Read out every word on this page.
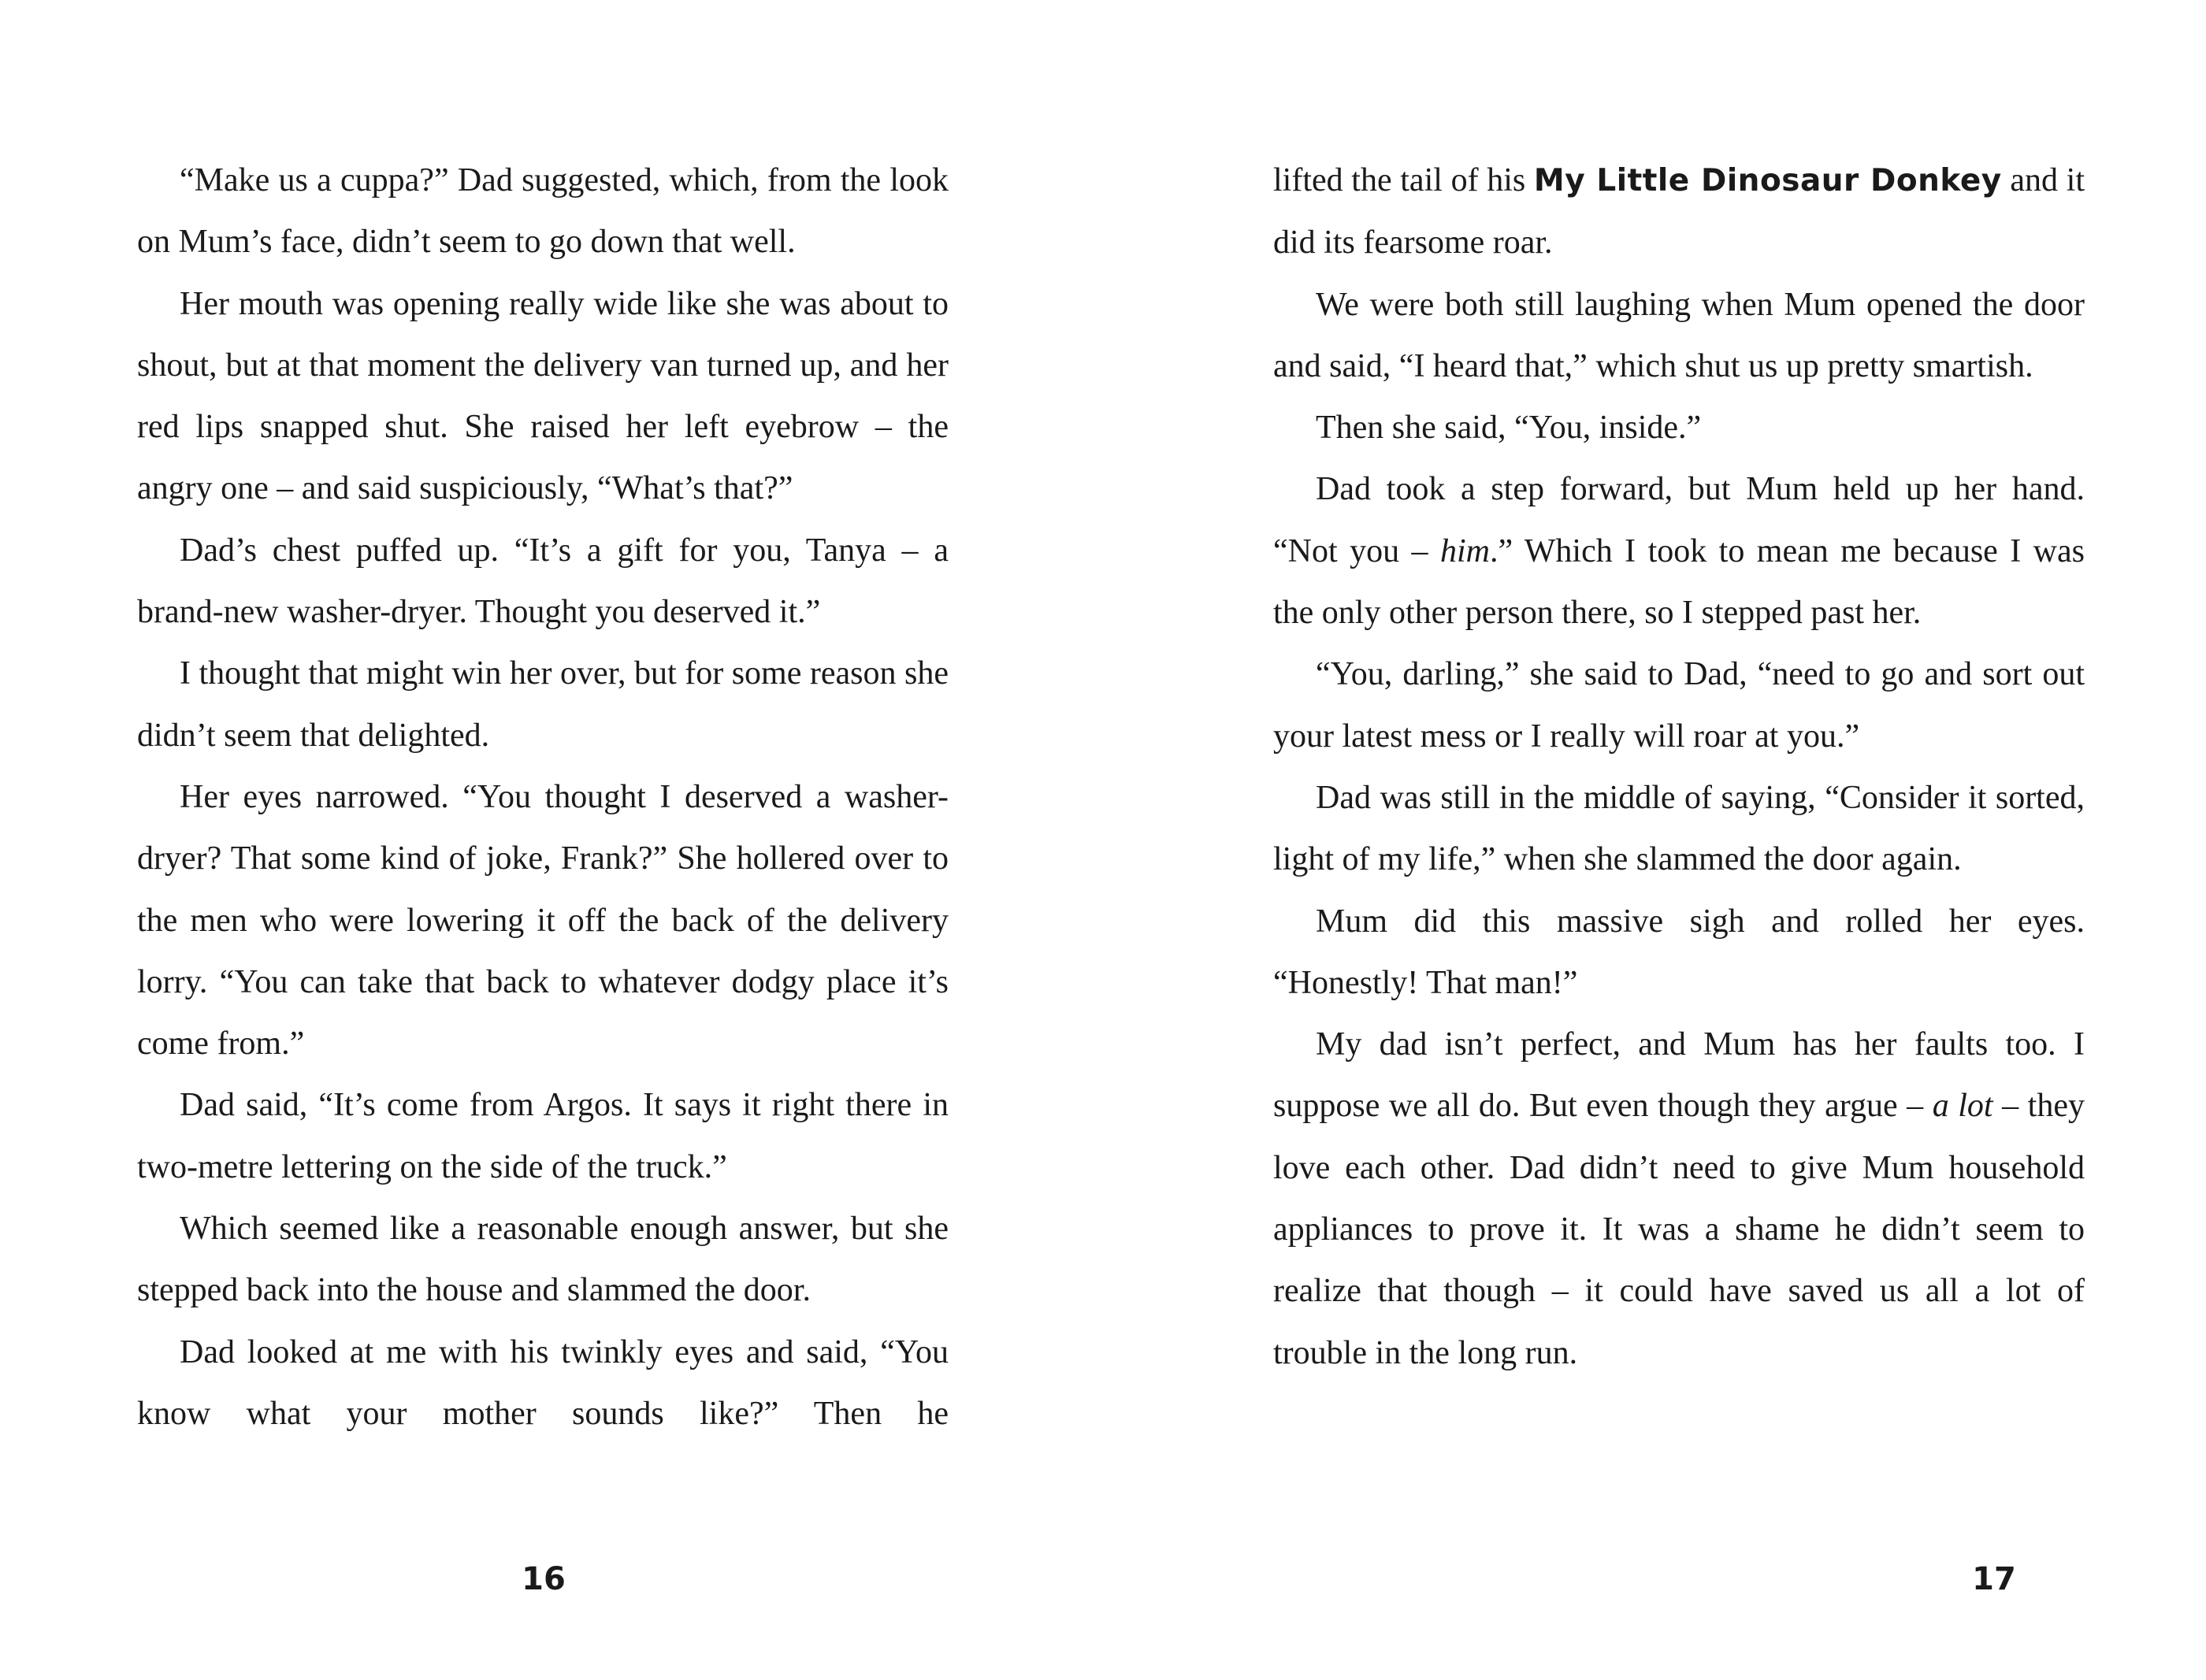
“Make us a cuppa?” Dad suggested, which, from the look on Mum’s face, didn’t seem to go down that well.

Her mouth was opening really wide like she was about to shout, but at that moment the delivery van turned up, and her red lips snapped shut. She raised her left eyebrow – the angry one – and said suspiciously, “What’s that?”

Dad’s chest puffed up. “It’s a gift for you, Tanya – a brand-new washer-dryer. Thought you deserved it.”

I thought that might win her over, but for some reason she didn’t seem that delighted.

Her eyes narrowed. “You thought I deserved a washer-dryer? That some kind of joke, Frank?” She hollered over to the men who were lowering it off the back of the delivery lorry. “You can take that back to whatever dodgy place it’s come from.”

Dad said, “It’s come from Argos. It says it right there in two-metre lettering on the side of the truck.”

Which seemed like a reasonable enough answer, but she stepped back into the house and slammed the door.

Dad looked at me with his twinkly eyes and said, “You know what your mother sounds like?” Then he

16

lifted the tail of his My Little Dinosaur Donkey and it did its fearsome roar.

We were both still laughing when Mum opened the door and said, “I heard that,” which shut us up pretty smartish.

Then she said, “You, inside.”

Dad took a step forward, but Mum held up her hand. “Not you – him.” Which I took to mean me because I was the only other person there, so I stepped past her.

“You, darling,” she said to Dad, “need to go and sort out your latest mess or I really will roar at you.”

Dad was still in the middle of saying, “Consider it sorted, light of my life,” when she slammed the door again.

Mum did this massive sigh and rolled her eyes. “Honestly! That man!”

My dad isn’t perfect, and Mum has her faults too. I suppose we all do. But even though they argue – a lot – they love each other. Dad didn’t need to give Mum household appliances to prove it. It was a shame he didn’t seem to realize that though – it could have saved us all a lot of trouble in the long run.

17
